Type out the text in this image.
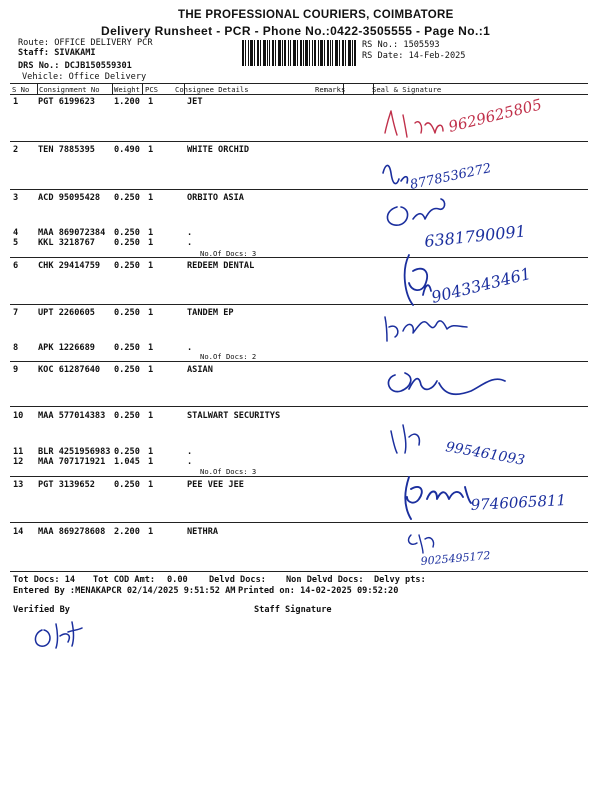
THE PROFESSIONAL COURIERS, COIMBATORE
Delivery Runsheet - PCR - Phone No.:0422-3505555 - Page No.:1
Route: OFFICE DELIVERY PCR
Staff: SIVAKAMI
DRS No.: DCJB150559301
Vehicle: Office Delivery
RS No.: 1505593
RS Date: 14-Feb-2025
S No Consignment No Weight PCS Consignee Details	Remarks	Seal & Signature
1 PGT 6199623 1.200 1	JET
2 TEN 7885395 0.490 1	WHITE ORCHID
3 ACD 95095428 0.250 1	ORBITO ASIA
4 MAA 869072384 0.250 1	.
5 KKL 3218767 0.250 1	.
No.Of Docs: 3
6 CHK 29414759 0.250 1	REDEEM DENTAL
7 UPT 2260605 0.250 1	TANDEM EP
8 APK 1226689 0.250 1	.
No.Of Docs: 2
9 KOC 61287640 0.250 1	ASIAN
10 MAA 577014383 0.250 1	STALWART SECURITYS
11 BLR 4251956983 0.250 1	.
12 MAA 707171921 1.045 1	.
No.Of Docs: 3
13 PGT 3139652 0.250 1	PEE VEE JEE
14 MAA 869278608 2.200 1	NETHRA
9629625805
8778536272
6381790091
9043343461
995461093
9746065811
9025495172
Tot Docs: 14 Tot COD Amt: 0.00 Delvd Docs: Non Delvd Docs: Delvy pts:
Entered By :MENAKAPCR 02/14/2025 9:51:52 AM Printed on: 14-02-2025 09:52:20
Verified By	Staff Signature
